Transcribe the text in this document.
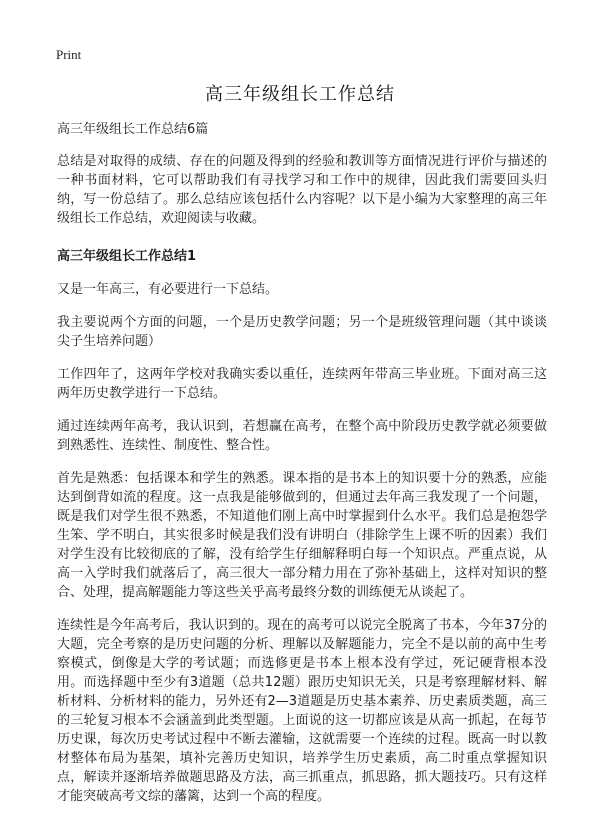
Print
高三年级组长工作总结

高三年级组长工作总结6篇

总结是对取得的成绩、存在的问题及得到的经验和教训等方面情况进行评价与描述的一种书面材料，它可以帮助我们有寻找学习和工作中的规律，因此我们需要回头归纳，写一份总结了。那么总结应该包括什么内容呢？以下是小编为大家整理的高三年级组长工作总结，欢迎阅读与收藏。

高三年级组长工作总结1

又是一年高三，有必要进行一下总结。

我主要说两个方面的问题，一个是历史教学问题；另一个是班级管理问题（其中谈谈尖子生培养问题）

工作四年了，这两年学校对我确实委以重任，连续两年带高三毕业班。下面对高三这两年历史教学进行一下总结。

通过连续两年高考，我认识到，若想赢在高考，在整个高中阶段历史教学就必须要做到熟悉性、连续性、制度性、整合性。

首先是熟悉：包括课本和学生的熟悉。课本指的是书本上的知识要十分的熟悉，应能达到倒背如流的程度。这一点我是能够做到的，但通过去年高三我发现了一个问题，既是我们对学生很不熟悉，不知道他们刚上高中时掌握到什么水平。我们总是抱怨学生笨、学不明白，其实很多时候是我们没有讲明白（排除学生上课不听的因素）我们对学生没有比较彻底的了解，没有给学生仔细解释明白每一个知识点。严重点说，从高一入学时我们就落后了，高三很大一部分精力用在了弥补基础上，这样对知识的整合、处理，提高解题能力等这些关乎高考最终分数的训练便无从谈起了。

连续性是今年高考后，我认识到的。现在的高考可以说完全脱离了书本，今年37分的大题，完全考察的是历史问题的分析、理解以及解题能力，完全不是以前的高中生考察模式，倒像是大学的考试题；而选修更是书本上根本没有学过，死记硬背根本没用。而选择题中至少有3道题（总共12题）跟历史知识无关，只是考察理解材料、解析材料、分析材料的能力，另外还有2—3道题是历史基本素养、历史素质类题，高三的三轮复习根本不会涵盖到此类型题。上面说的这一切都应该是从高一抓起，在每节历史课，每次历史考试过程中不断去灌输，这就需要一个连续的过程。既高一时以教材整体布局为基架，填补完善历史知识，培养学生历史素质，高二时重点掌握知识点，解读并逐渐培养做题思路及方法，高三抓重点，抓思路，抓大题技巧。只有这样才能突破高考文综的藩篱，达到一个高的程度。
